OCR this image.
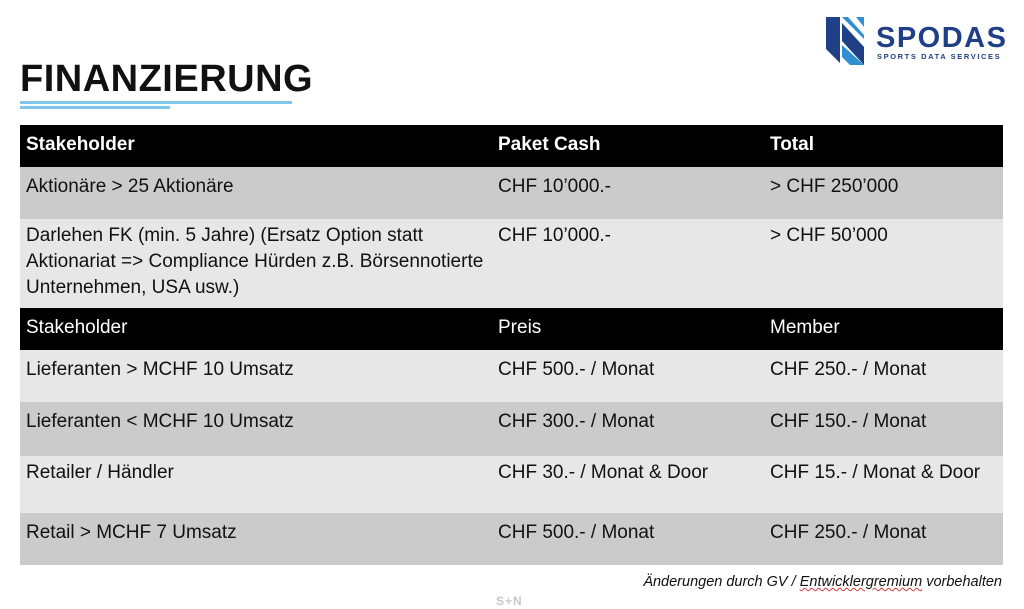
FINANZIERUNG
SPODAS
SPORTS DATA SERVICES
Stakeholder	Paket Cash	Total
Aktionäre > 25 Aktionäre	CHF 10’000.-	> CHF 250’000
Darlehen FK (min. 5 Jahre) (Ersatz Option statt Aktionariat => Compliance Hürden z.B. Börsennotierte Unternehmen, USA usw.)	CHF 10’000.-	> CHF 50’000
Stakeholder	Preis	Member
Lieferanten > MCHF 10 Umsatz	CHF 500.- / Monat	CHF 250.- / Monat
Lieferanten < MCHF 10 Umsatz	CHF 300.- / Monat	CHF 150.- / Monat
Retailer / Händler	CHF 30.- / Monat & Door	CHF 15.- / Monat & Door
Retail > MCHF 7 Umsatz	CHF 500.- / Monat	CHF 250.- / Monat
Änderungen durch GV / Entwicklergremium vorbehalten
S+N
